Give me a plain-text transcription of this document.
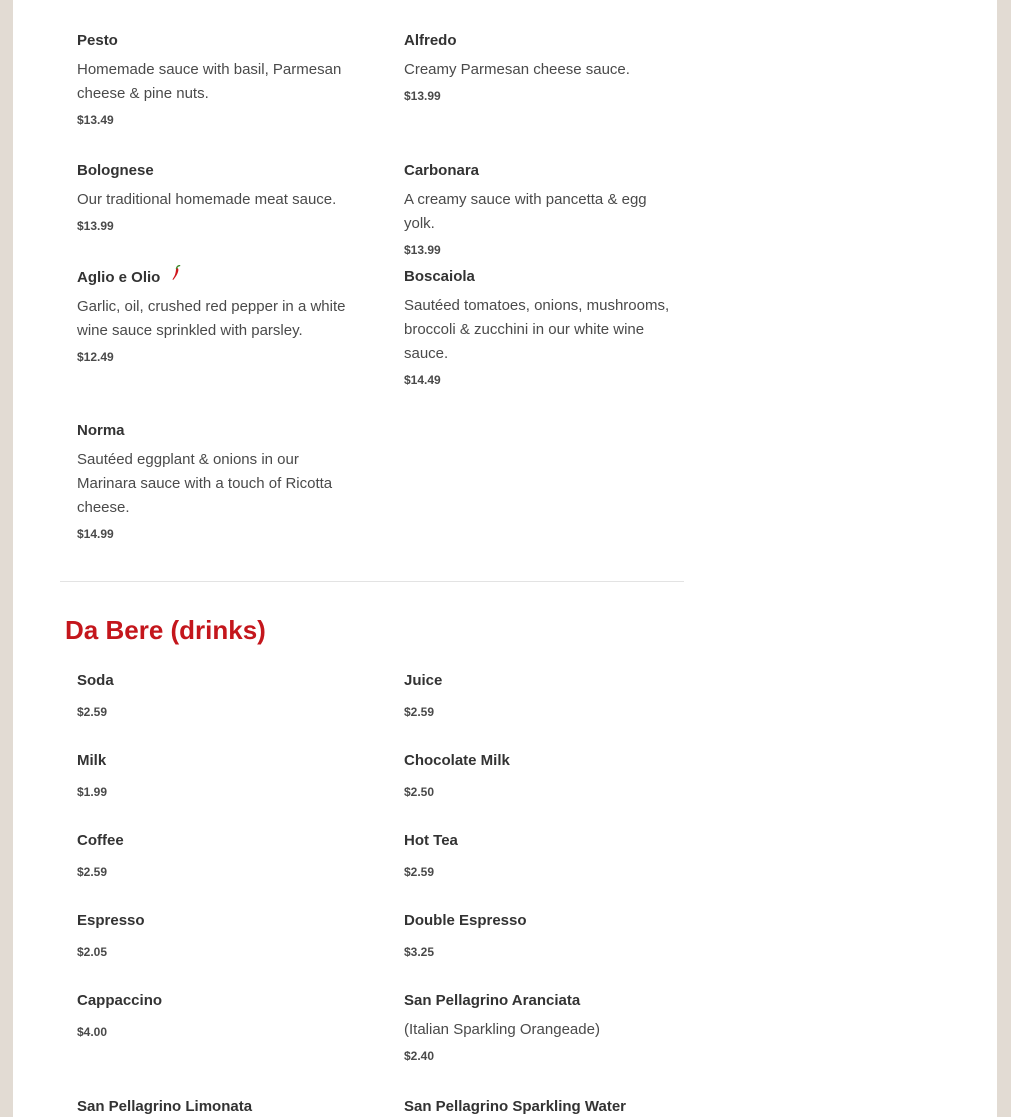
Pesto
Homemade sauce with basil, Parmesan cheese & pine nuts.
$13.49
Alfredo
Creamy Parmesan cheese sauce.
$13.99
Bolognese
Our traditional homemade meat sauce.
$13.99
Carbonara
A creamy sauce with pancetta & egg yolk.
$13.99
Aglio e Olio
Garlic, oil, crushed red pepper in a white wine sauce sprinkled with parsley.
$12.49
Boscaiola
Sautéed tomatoes, onions, mushrooms, broccoli & zucchini in our white wine sauce.
$14.49
Norma
Sautéed eggplant & onions in our Marinara sauce with a touch of Ricotta cheese.
$14.99
Da Bere (drinks)
Soda
$2.59
Juice
$2.59
Milk
$1.99
Chocolate Milk
$2.50
Coffee
$2.59
Hot Tea
$2.59
Espresso
$2.05
Double Espresso
$3.25
Cappaccino
$4.00
San Pellagrino Aranciata
(Italian Sparkling Orangeade)
$2.40
San Pellagrino Limonata	San Pellagrino Sparkling Water
